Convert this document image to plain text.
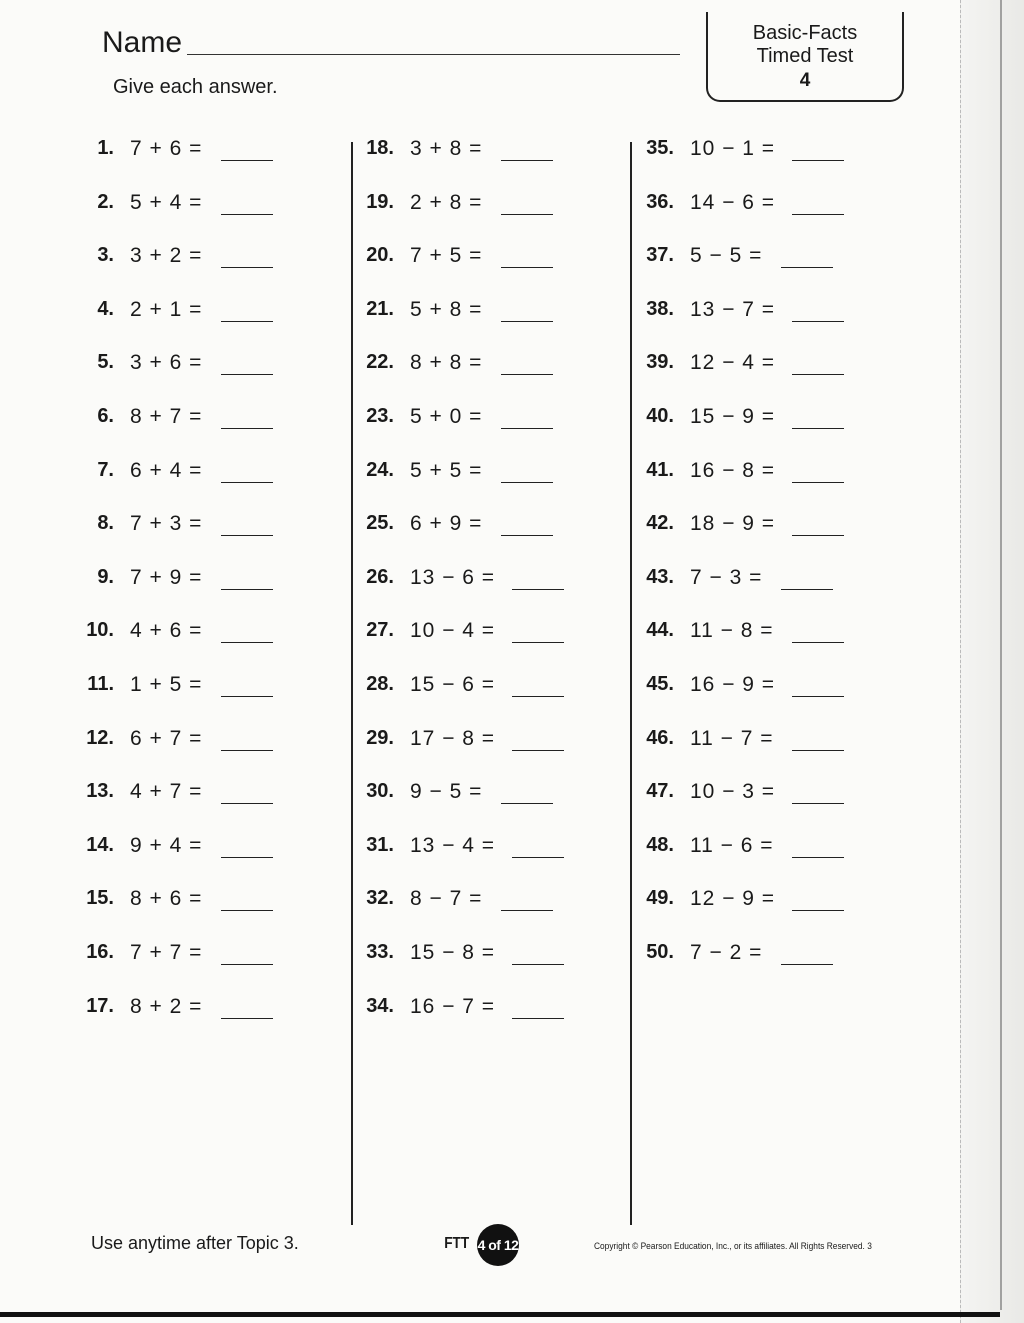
Name
Give each answer.
Basic-Facts
Timed Test
4
1. 7 + 6 =
2. 5 + 4 =
3. 3 + 2 =
4. 2 + 1 =
5. 3 + 6 =
6. 8 + 7 =
7. 6 + 4 =
8. 7 + 3 =
9. 7 + 9 =
10. 4 + 6 =
11. 1 + 5 =
12. 6 + 7 =
13. 4 + 7 =
14. 9 + 4 =
15. 8 + 6 =
16. 7 + 7 =
17. 8 + 2 =
18. 3 + 8 =
19. 2 + 8 =
20. 7 + 5 =
21. 5 + 8 =
22. 8 + 8 =
23. 5 + 0 =
24. 5 + 5 =
25. 6 + 9 =
26. 13 − 6 =
27. 10 − 4 =
28. 15 − 6 =
29. 17 − 8 =
30. 9 − 5 =
31. 13 − 4 =
32. 8 − 7 =
33. 15 − 8 =
34. 16 − 7 =
35. 10 − 1 =
36. 14 − 6 =
37. 5 − 5 =
38. 13 − 7 =
39. 12 − 4 =
40. 15 − 9 =
41. 16 − 8 =
42. 18 − 9 =
43. 7 − 3 =
44. 11 − 8 =
45. 16 − 9 =
46. 11 − 7 =
47. 10 − 3 =
48. 11 − 6 =
49. 12 − 9 =
50. 7 − 2 =
Use anytime after Topic 3.	FTT 4 of 12	Copyright © Pearson Education, Inc., or its affiliates. All Rights Reserved. 3
